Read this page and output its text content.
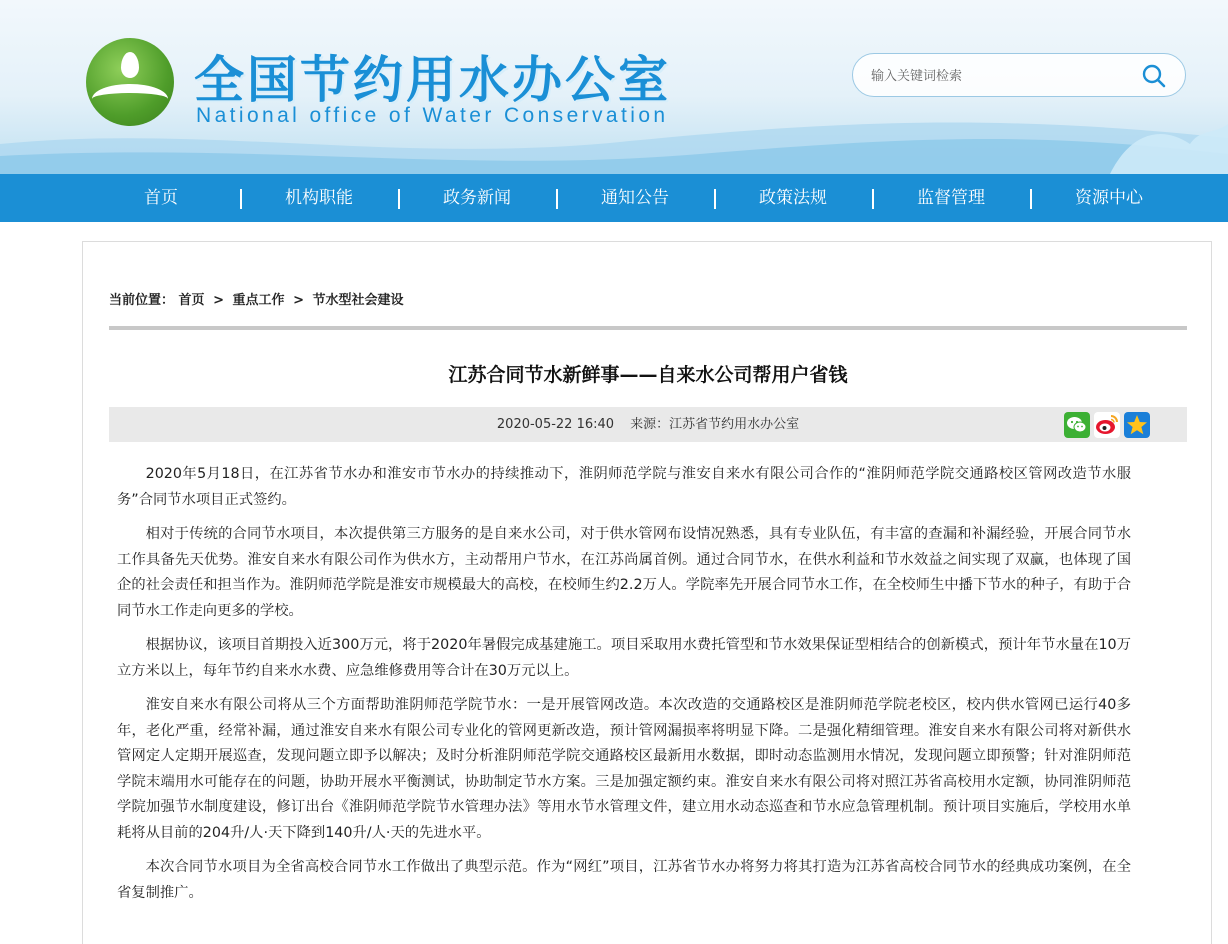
全国节约用水办公室
National office of Water Conservation
输入关键词检索
首页	机构职能	政务新闻	通知公告	政策法规	监督管理	资源中心
当前位置： 首页 > 重点工作 > 节水型社会建设
江苏合同节水新鲜事——自来水公司帮用户省钱
2020-05-22 16:40 来源：江苏省节约用水办公室

2020年5月18日，在江苏省节水办和淮安市节水办的持续推动下，淮阴师范学院与淮安自来水有限公司合作的“淮阴师范学院交通路校区管网改造节水服务”合同节水项目正式签约。

相对于传统的合同节水项目，本次提供第三方服务的是自来水公司，对于供水管网布设情况熟悉，具有专业队伍，有丰富的查漏和补漏经验，开展合同节水工作具备先天优势。淮安自来水有限公司作为供水方，主动帮用户节水，在江苏尚属首例。通过合同节水，在供水利益和节水效益之间实现了双赢，也体现了国企的社会责任和担当作为。淮阴师范学院是淮安市规模最大的高校，在校师生约2.2万人。学院率先开展合同节水工作，在全校师生中播下节水的种子，有助于合同节水工作走向更多的学校。

根据协议，该项目首期投入近300万元，将于2020年暑假完成基建施工。项目采取用水费托管型和节水效果保证型相结合的创新模式，预计年节水量在10万立方米以上，每年节约自来水水费、应急维修费用等合计在30万元以上。

淮安自来水有限公司将从三个方面帮助淮阴师范学院节水：一是开展管网改造。本次改造的交通路校区是淮阴师范学院老校区，校内供水管网已运行40多年，老化严重，经常补漏，通过淮安自来水有限公司专业化的管网更新改造，预计管网漏损率将明显下降。二是强化精细管理。淮安自来水有限公司将对新供水管网定人定期开展巡查，发现问题立即予以解决；及时分析淮阴师范学院交通路校区最新用水数据，即时动态监测用水情况，发现问题立即预警；针对淮阴师范学院末端用水可能存在的问题，协助开展水平衡测试，协助制定节水方案。三是加强定额约束。淮安自来水有限公司将对照江苏省高校用水定额，协同淮阴师范学院加强节水制度建设，修订出台《淮阴师范学院节水管理办法》等用水节水管理文件，建立用水动态巡查和节水应急管理机制。预计项目实施后，学校用水单耗将从目前的204升/人·天下降到140升/人·天的先进水平。

本次合同节水项目为全省高校合同节水工作做出了典型示范。作为“网红”项目，江苏省节水办将努力将其打造为江苏省高校合同节水的经典成功案例，在全省复制推广。
